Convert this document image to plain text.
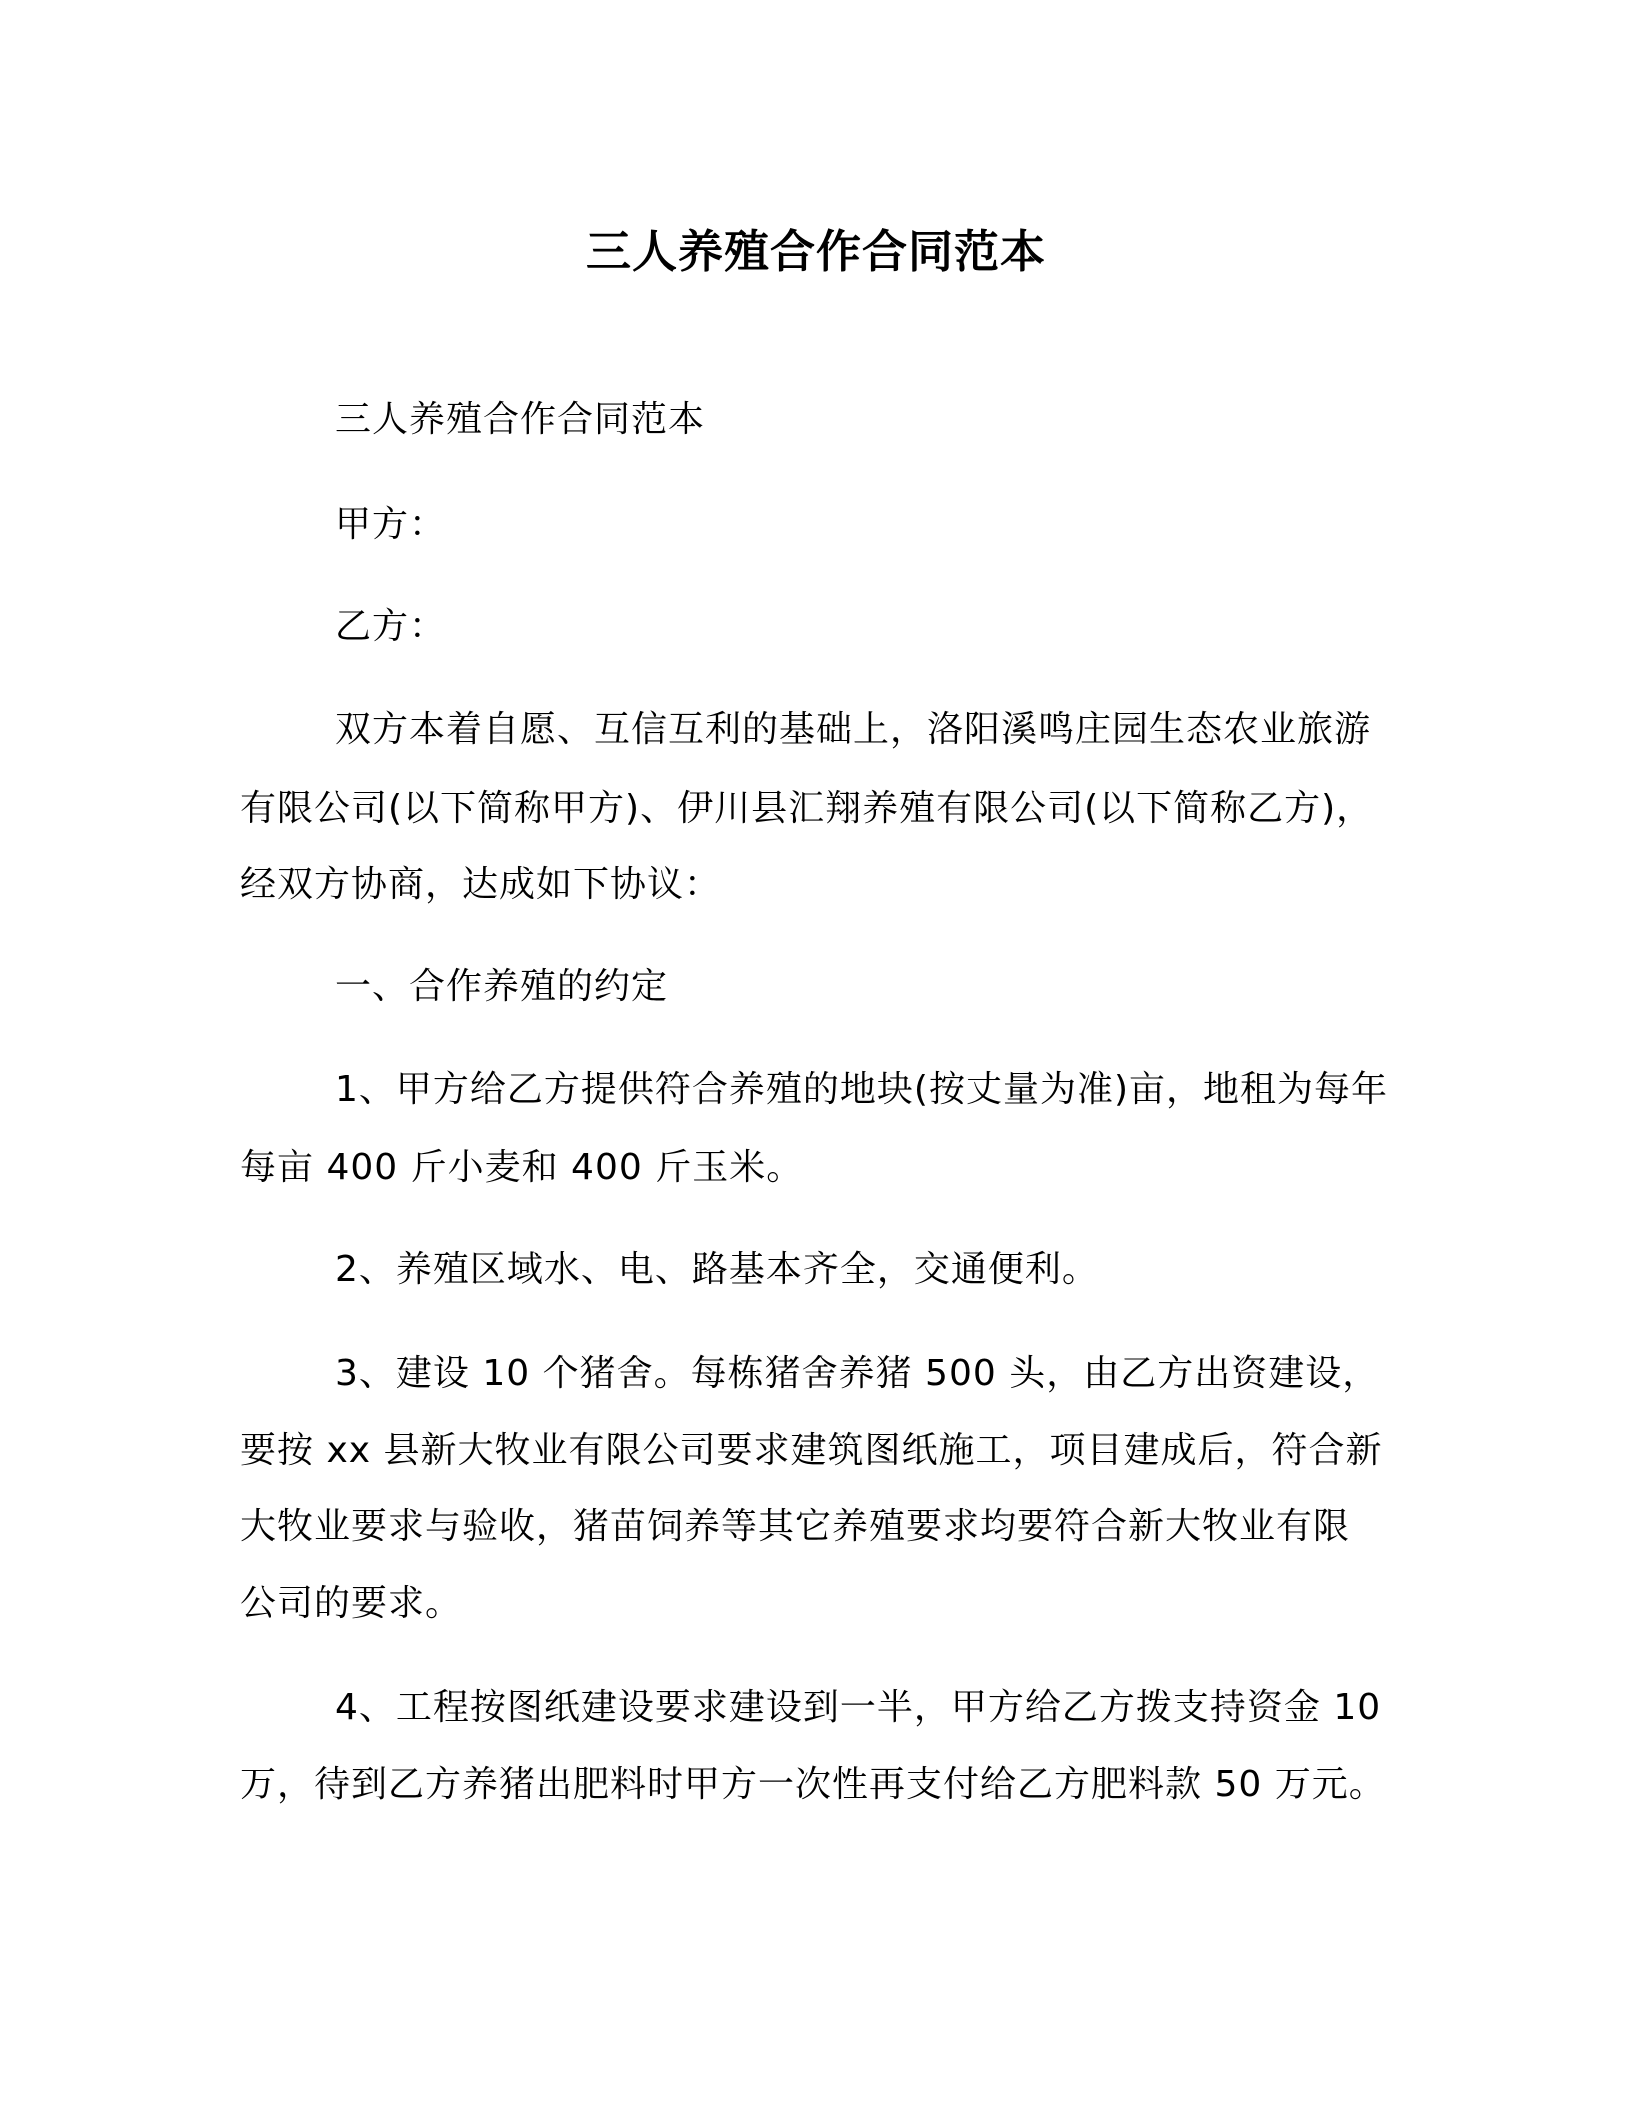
三人养殖合作合同范本
三人养殖合作合同范本
甲方：
乙方：
双方本着自愿、互信互利的基础上，洛阳溪鸣庄园生态农业旅游
有限公司(以下简称甲方)、伊川县汇翔养殖有限公司(以下简称乙方)，
经双方协商，达成如下协议：
一、合作养殖的约定
1、甲方给乙方提供符合养殖的地块(按丈量为准)亩，地租为每年
每亩 400 斤小麦和 400 斤玉米。
2、养殖区域水、电、路基本齐全，交通便利。
3、建设 10 个猪舍。每栋猪舍养猪 500 头，由乙方出资建设，
要按 xx 县新大牧业有限公司要求建筑图纸施工，项目建成后，符合新
大牧业要求与验收，猪苗饲养等其它养殖要求均要符合新大牧业有限
公司的要求。
4、工程按图纸建设要求建设到一半，甲方给乙方拨支持资金 10
万，待到乙方养猪出肥料时甲方一次性再支付给乙方肥料款 50 万元。
